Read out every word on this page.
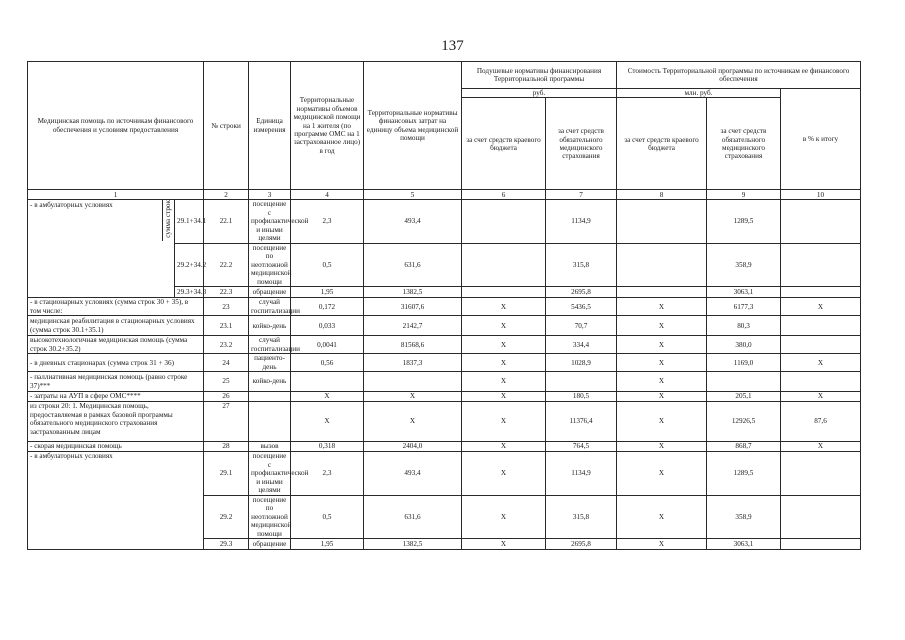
137
Медицинская помощь по источникам финансового обеспечения и условиям предоставления		№ строки	Единица измерения	Территориальные нормативы объемов медицинской помощи на 1 жителя (по программе ОМС на 1 застрахованное лицо) в год	Территориальные нормативы финансовых затрат на единицу объема медицинской помощи	Подушевые нормативы финансирования Территориальной программы		Стоимость Территориальной программы по источникам ее финансового обеспечения		
						руб.		млн. руб.		в % к итогу
						за счет средств краевого бюджета	за счет средств обязательного медицинского страхования	за счет средств краевого бюджета	за счет средств обязательного медицинского страхования	
1		2	3	4	5	6	7	8	9	10

- в амбулаторных условиях сумма строк	29.1+34.1	22.1	посещение с профилактической и иными целями	2,3	493,4		1134,9		1289,5	
	29.2+34.2	22.2	посещение по неотложной медицинской помощи	0,5	631,6		315,8		358,9	
	29.3+34.3	22.3	обращение	1,95	1382,5		2695,8		3063,1	
- в стационарных условиях (сумма строк 30 + 35), в том числе:		23	случай госпитализации	0,172	31607,6	X	5436,5	X	6177,3	X
медицинская реабилитация в стационарных условиях (сумма строк 30.1+35.1)		23.1	койко-день	0,033	2142,7	X	70,7	X	80,3	
высокотехнологичная медицинская помощь (сумма строк 30.2+35.2)		23.2	случай госпитализации	0,0041	81568,6	X	334,4	X	380,0	
- в дневных стационарах (сумма строк 31 + 36)		24	пациенто-день	0,56	1837,3	X	1028,9	X	1169,0	X
- паллиативная медицинская помощь (равно строке 37)***		25	койко-день			X		X		
- затраты на АУП в сфере ОМС****		26		X	X	X	180,5	X	205,1	X
из строки 20: 1. Медицинская помощь, предоставляемая в рамках базовой программы обязательного медицинского страхования застрахованным лицам		27		X	X	X	11376,4	X	12926,5	87,6
- скорая медицинская помощь		28	вызов	0,318	2404,0	X	764,5	X	868,7	X
- в амбулаторных условиях		29.1	посещение с профилактической и иными целями	2,3	493,4	X	1134,9	X	1289,5	
		29.2	посещение по неотложной медицинской помощи	0,5	631,6	X	315,8	X	358,9	
		29.3	обращение	1,95	1382,5	X	2695,8	X	3063,1	
